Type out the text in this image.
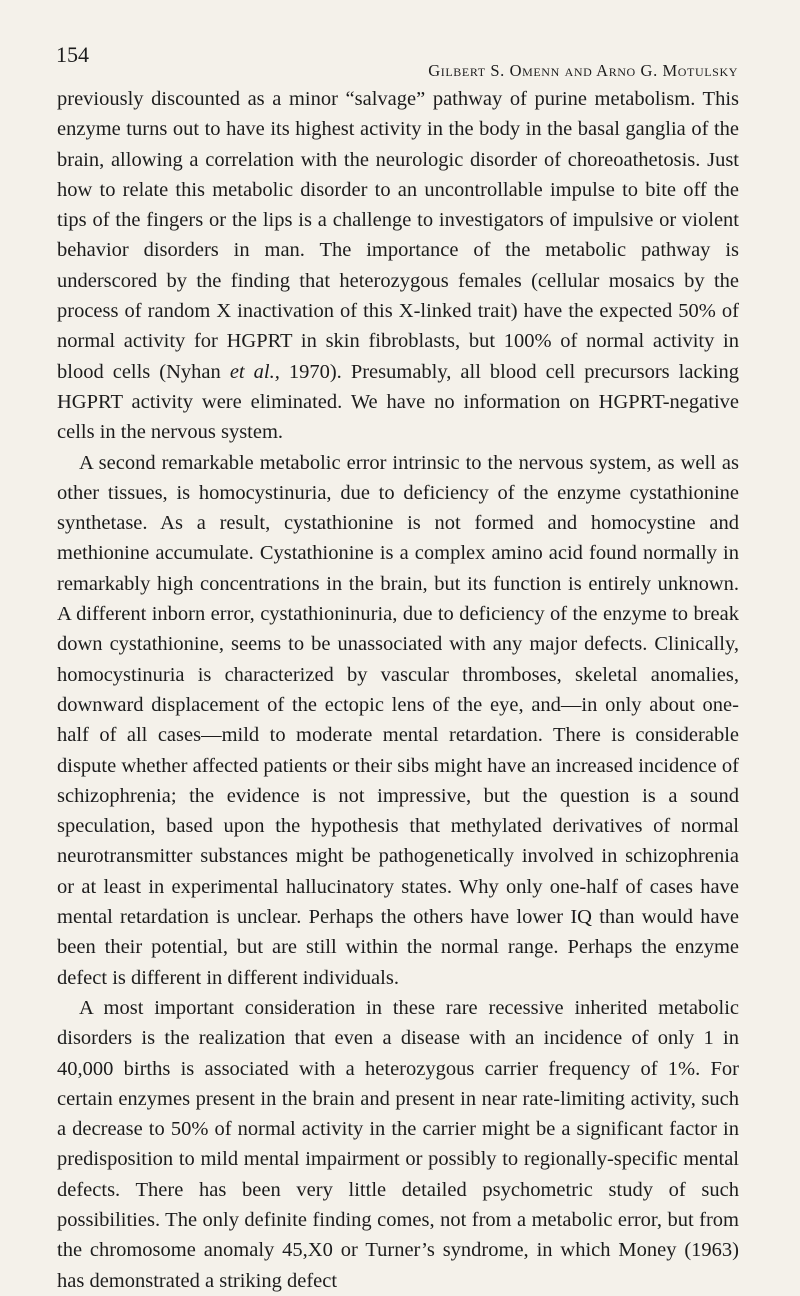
154
Gilbert S. Omenn and Arno G. Motulsky

previously discounted as a minor “salvage” pathway of purine metabolism. This enzyme turns out to have its highest activity in the body in the basal ganglia of the brain, allowing a correlation with the neurologic disorder of choreoathetosis. Just how to relate this metabolic disorder to an uncontrollable impulse to bite off the tips of the fingers or the lips is a challenge to investigators of impulsive or violent behavior disorders in man. The importance of the metabolic pathway is underscored by the finding that heterozygous females (cellular mosaics by the process of random X inactivation of this X-linked trait) have the expected 50% of normal activity for HGPRT in skin fibroblasts, but 100% of normal activity in blood cells (Nyhan et al., 1970). Presumably, all blood cell precursors lacking HGPRT activity were eliminated. We have no information on HGPRT-negative cells in the nervous system.

A second remarkable metabolic error intrinsic to the nervous system, as well as other tissues, is homocystinuria, due to deficiency of the enzyme cystathionine synthetase. As a result, cystathionine is not formed and homocystine and methionine accumulate. Cystathionine is a complex amino acid found normally in remarkably high concentrations in the brain, but its function is entirely unknown. A different inborn error, cystathioninuria, due to deficiency of the enzyme to break down cystathionine, seems to be unassociated with any major defects. Clinically, homocystinuria is characterized by vascular thromboses, skeletal anomalies, downward displacement of the ectopic lens of the eye, and—in only about one-half of all cases—mild to moderate mental retardation. There is considerable dispute whether affected patients or their sibs might have an increased incidence of schizophrenia; the evidence is not impressive, but the question is a sound speculation, based upon the hypothesis that methylated derivatives of normal neurotransmitter substances might be pathogenetically involved in schizophrenia or at least in experimental hallucinatory states. Why only one-half of cases have mental retardation is unclear. Perhaps the others have lower IQ than would have been their potential, but are still within the normal range. Perhaps the enzyme defect is different in different individuals.

A most important consideration in these rare recessive inherited metabolic disorders is the realization that even a disease with an incidence of only 1 in 40,000 births is associated with a heterozygous carrier frequency of 1%. For certain enzymes present in the brain and present in near rate-limiting activity, such a decrease to 50% of normal activity in the carrier might be a significant factor in predisposition to mild mental impairment or possibly to regionally-specific mental defects. There has been very little detailed psychometric study of such possibilities. The only definite finding comes, not from a metabolic error, but from the chromosome anomaly 45,X0 or Turner’s syndrome, in which Money (1963) has demonstrated a striking defect
